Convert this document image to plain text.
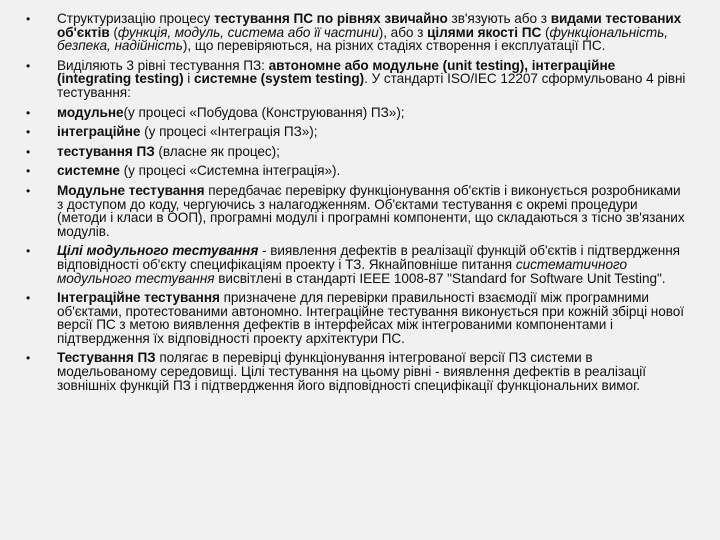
• Структуризацію процесу тестування ПС по рівнях звичайно зв'язують або з видами тестованих об'єктів (функція, модуль, система або її частини), або з цілями якості ПС (функціональність, безпека, надійність), що перевіряються, на різних стадіях створення і експлуатації ПС.
• Виділяють 3 рівні тестування ПЗ: автономне або модульне (unit testing), інтеграційне (integrating testing) і системне (system testing). У стандарті ISO/IEC 12207 сформульовано 4 рівні тестування:
• модульне(у процесі «Побудова (Конструювання) ПЗ»);
• інтеграційне (у процесі «Інтеграція ПЗ»);
• тестування ПЗ (власне як процес);
• системне (у процесі «Системна інтеграція»).
• Модульне тестування передбачає перевірку функціонування об'єктів і виконується розробниками з доступом до коду, чергуючись з налагодженням. Об'єктами тестування є окремі процедури (методи і класи в ООП), програмні модулі і програмні компоненти, що складаються з тісно зв'язаних модулів.
• Цілі модульного тестування - виявлення дефектів в реалізації функцій об'єктів і підтвердження відповідності об'єкту специфікаціям проекту і ТЗ. Якнайповніше питання систематичного модульного тестування висвітлені в стандарті IEEE 1008-87 "Standard for Software Unit Testing".
• Інтеграційне тестування призначене для перевірки правильності взаємодії між програмними об'єктами, протестованими автономно. Інтеграційне тестування виконується при кожній збірці нової версії ПС з метою виявлення дефектів в інтерфейсах між інтегрованими компонентами і підтвердження їх відповідності проекту архітектури ПС.
• Тестування ПЗ полягає в перевірці функціонування інтегрованої версії ПЗ системи в модельованому середовищі. Цілі тестування на цьому рівні - виявлення дефектів в реалізації зовнішніх функцій ПЗ і підтвердження його відповідності специфікації функціональних вимог.
